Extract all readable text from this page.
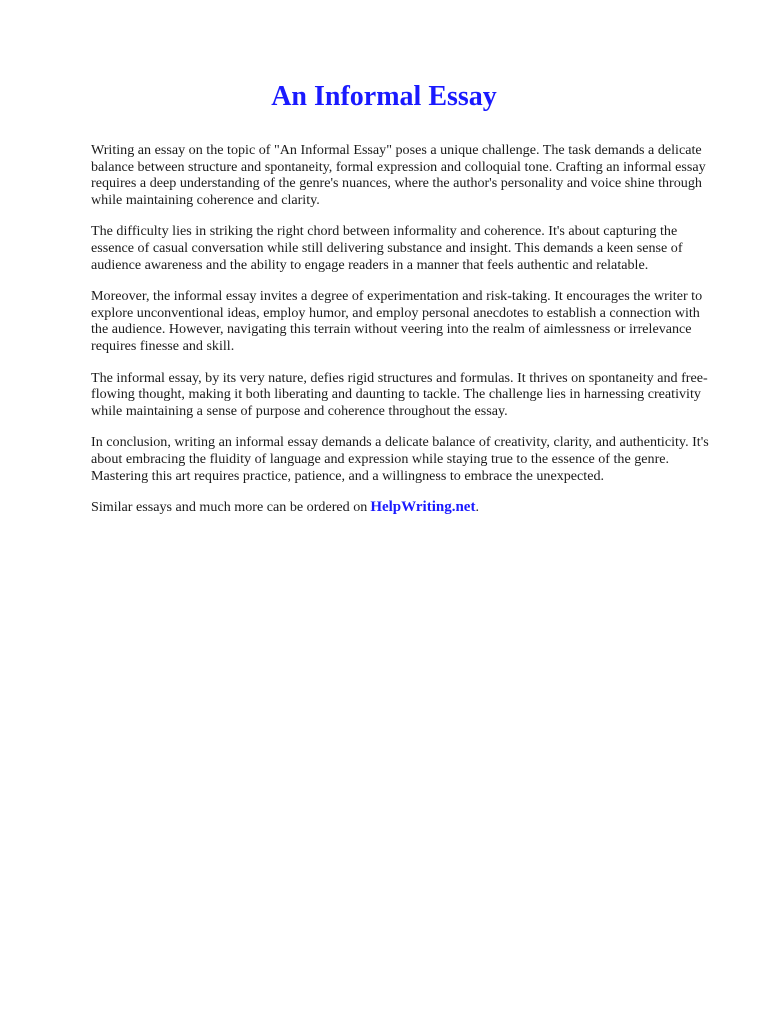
An Informal Essay

Writing an essay on the topic of "An Informal Essay" poses a unique challenge. The task demands a delicate balance between structure and spontaneity, formal expression and colloquial tone. Crafting an informal essay requires a deep understanding of the genre's nuances, where the author's personality and voice shine through while maintaining coherence and clarity.

The difficulty lies in striking the right chord between informality and coherence. It's about capturing the essence of casual conversation while still delivering substance and insight. This demands a keen sense of audience awareness and the ability to engage readers in a manner that feels authentic and relatable.

Moreover, the informal essay invites a degree of experimentation and risk-taking. It encourages the writer to explore unconventional ideas, employ humor, and employ personal anecdotes to establish a connection with the audience. However, navigating this terrain without veering into the realm of aimlessness or irrelevance requires finesse and skill.

The informal essay, by its very nature, defies rigid structures and formulas. It thrives on spontaneity and free-flowing thought, making it both liberating and daunting to tackle. The challenge lies in harnessing creativity while maintaining a sense of purpose and coherence throughout the essay.

In conclusion, writing an informal essay demands a delicate balance of creativity, clarity, and authenticity. It's about embracing the fluidity of language and expression while staying true to the essence of the genre. Mastering this art requires practice, patience, and a willingness to embrace the unexpected.

Similar essays and much more can be ordered on HelpWriting.net.
